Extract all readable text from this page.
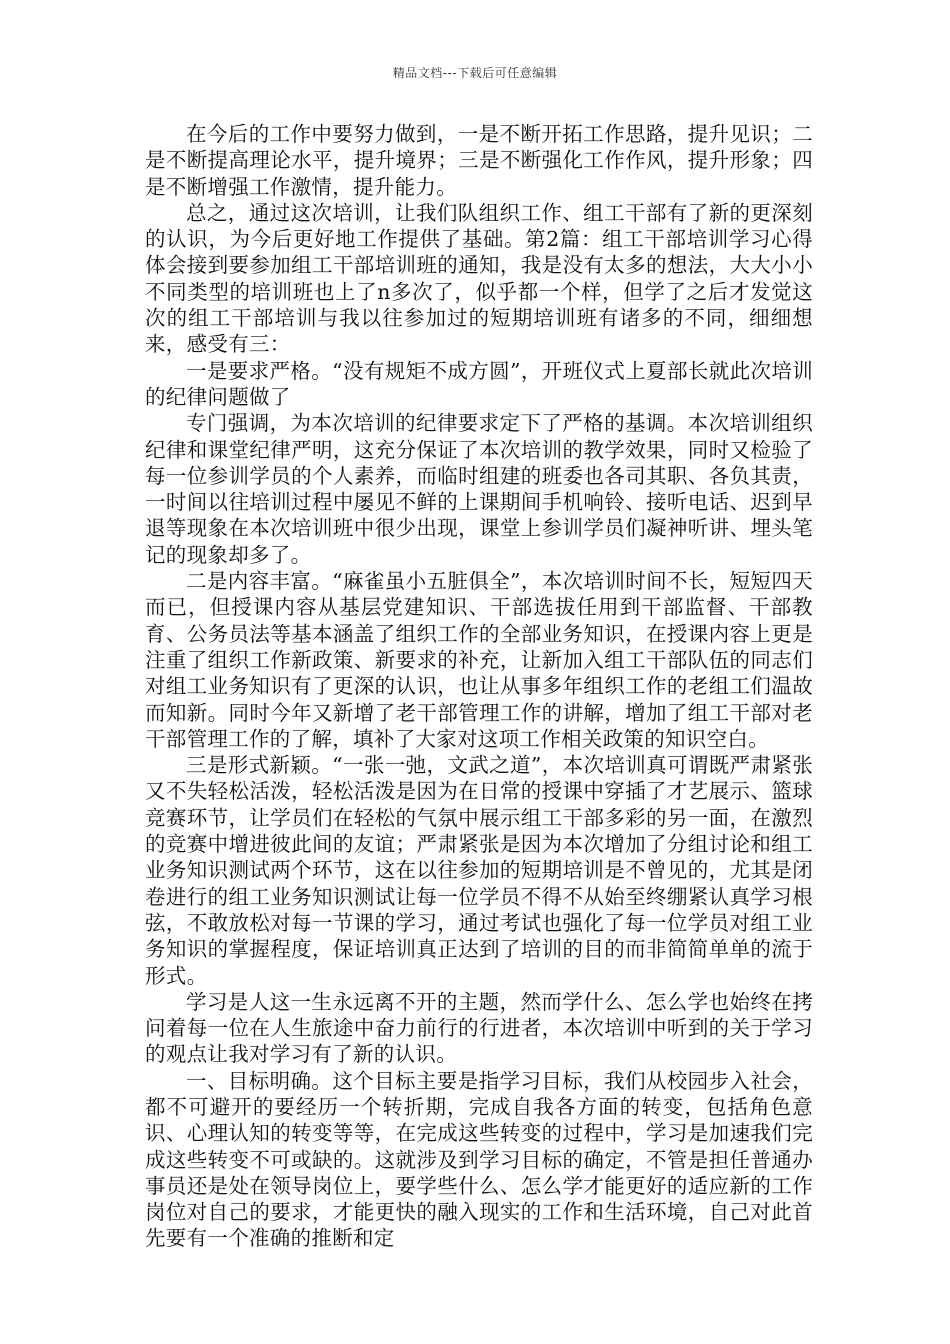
精品文档---下载后可任意编辑

在今后的工作中要努力做到，一是不断开拓工作思路，提升见识；二是不断提高理论水平，提升境界；三是不断强化工作作风，提升形象；四是不断增强工作激情，提升能力。

总之，通过这次培训，让我们队组织工作、组工干部有了新的更深刻的认识，为今后更好地工作提供了基础。第2篇：组工干部培训学习心得体会接到要参加组工干部培训班的通知，我是没有太多的想法，大大小小不同类型的培训班也上了n多次了，似乎都一个样，但学了之后才发觉这次的组工干部培训与我以往参加过的短期培训班有诸多的不同，细细想来，感受有三：

一是要求严格。“没有规矩不成方圆”，开班仪式上夏部长就此次培训的纪律问题做了

专门强调，为本次培训的纪律要求定下了严格的基调。本次培训组织纪律和课堂纪律严明，这充分保证了本次培训的教学效果，同时又检验了每一位参训学员的个人素养，而临时组建的班委也各司其职、各负其责，一时间以往培训过程中屡见不鲜的上课期间手机响铃、接听电话、迟到早退等现象在本次培训班中很少出现，课堂上参训学员们凝神听讲、埋头笔记的现象却多了。

二是内容丰富。“麻雀虽小五脏俱全”，本次培训时间不长，短短四天而已，但授课内容从基层党建知识、干部选拔任用到干部监督、干部教育、公务员法等基本涵盖了组织工作的全部业务知识，在授课内容上更是注重了组织工作新政策、新要求的补充，让新加入组工干部队伍的同志们对组工业务知识有了更深的认识，也让从事多年组织工作的老组工们温故而知新。同时今年又新增了老干部管理工作的讲解，增加了组工干部对老干部管理工作的了解，填补了大家对这项工作相关政策的知识空白。

三是形式新颖。“一张一弛，文武之道”，本次培训真可谓既严肃紧张又不失轻松活泼，轻松活泼是因为在日常的授课中穿插了才艺展示、篮球竞赛环节，让学员们在轻松的气氛中展示组工干部多彩的另一面，在激烈的竞赛中增进彼此间的友谊；严肃紧张是因为本次增加了分组讨论和组工业务知识测试两个环节，这在以往参加的短期培训是不曾见的，尤其是闭卷进行的组工业务知识测试让每一位学员不得不从始至终绷紧认真学习根弦，不敢放松对每一节课的学习，通过考试也强化了每一位学员对组工业务知识的掌握程度，保证培训真正达到了培训的目的而非简简单单的流于形式。

学习是人这一生永远离不开的主题，然而学什么、怎么学也始终在拷问着每一位在人生旅途中奋力前行的行进者，本次培训中听到的关于学习的观点让我对学习有了新的认识。

一、目标明确。这个目标主要是指学习目标，我们从校园步入社会，都不可避开的要经历一个转折期，完成自我各方面的转变，包括角色意识、心理认知的转变等等，在完成这些转变的过程中，学习是加速我们完成这些转变不可或缺的。这就涉及到学习目标的确定，不管是担任普通办事员还是处在领导岗位上，要学些什么、怎么学才能更好的适应新的工作岗位对自己的要求，才能更快的融入现实的工作和生活环境，自己对此首先要有一个准确的推断和定
